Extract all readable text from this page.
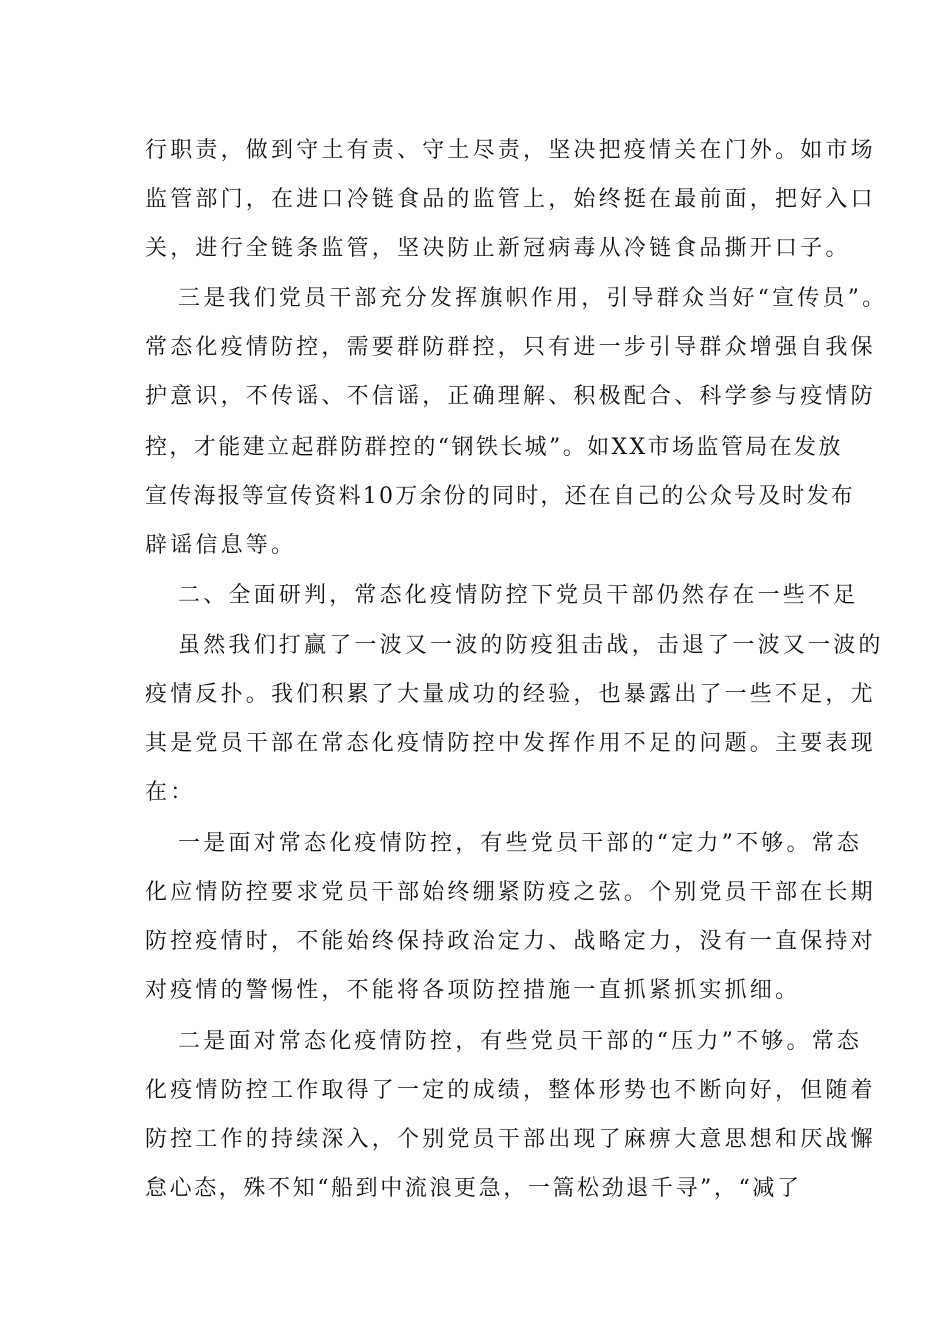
行职责，做到守土有责、守土尽责，坚决把疫情关在门外。如市场
监管部门，在进口冷链食品的监管上，始终挺在最前面，把好入口
关，进行全链条监管，坚决防止新冠病毒从冷链食品撕开口子。
三是我们党员干部充分发挥旗帜作用，引导群众当好“宣传员”。
常态化疫情防控，需要群防群控，只有进一步引导群众增强自我保
护意识，不传谣、不信谣，正确理解、积极配合、科学参与疫情防
控，才能建立起群防群控的“钢铁长城”。如XX市场监管局在发放
宣传海报等宣传资料10万余份的同时，还在自己的公众号及时发布
辟谣信息等。
二、全面研判，常态化疫情防控下党员干部仍然存在一些不足
虽然我们打赢了一波又一波的防疫狙击战，击退了一波又一波的
疫情反扑。我们积累了大量成功的经验，也暴露出了一些不足，尤
其是党员干部在常态化疫情防控中发挥作用不足的问题。主要表现
在：
一是面对常态化疫情防控，有些党员干部的“定力”不够。常态
化应情防控要求党员干部始终绷紧防疫之弦。个别党员干部在长期
防控疫情时，不能始终保持政治定力、战略定力，没有一直保持对
对疫情的警惕性，不能将各项防控措施一直抓紧抓实抓细。
二是面对常态化疫情防控，有些党员干部的“压力”不够。常态
化疫情防控工作取得了一定的成绩，整体形势也不断向好，但随着
防控工作的持续深入，个别党员干部出现了麻痹大意思想和厌战懈
怠心态，殊不知“船到中流浪更急，一篙松劲退千寻”，“减了
